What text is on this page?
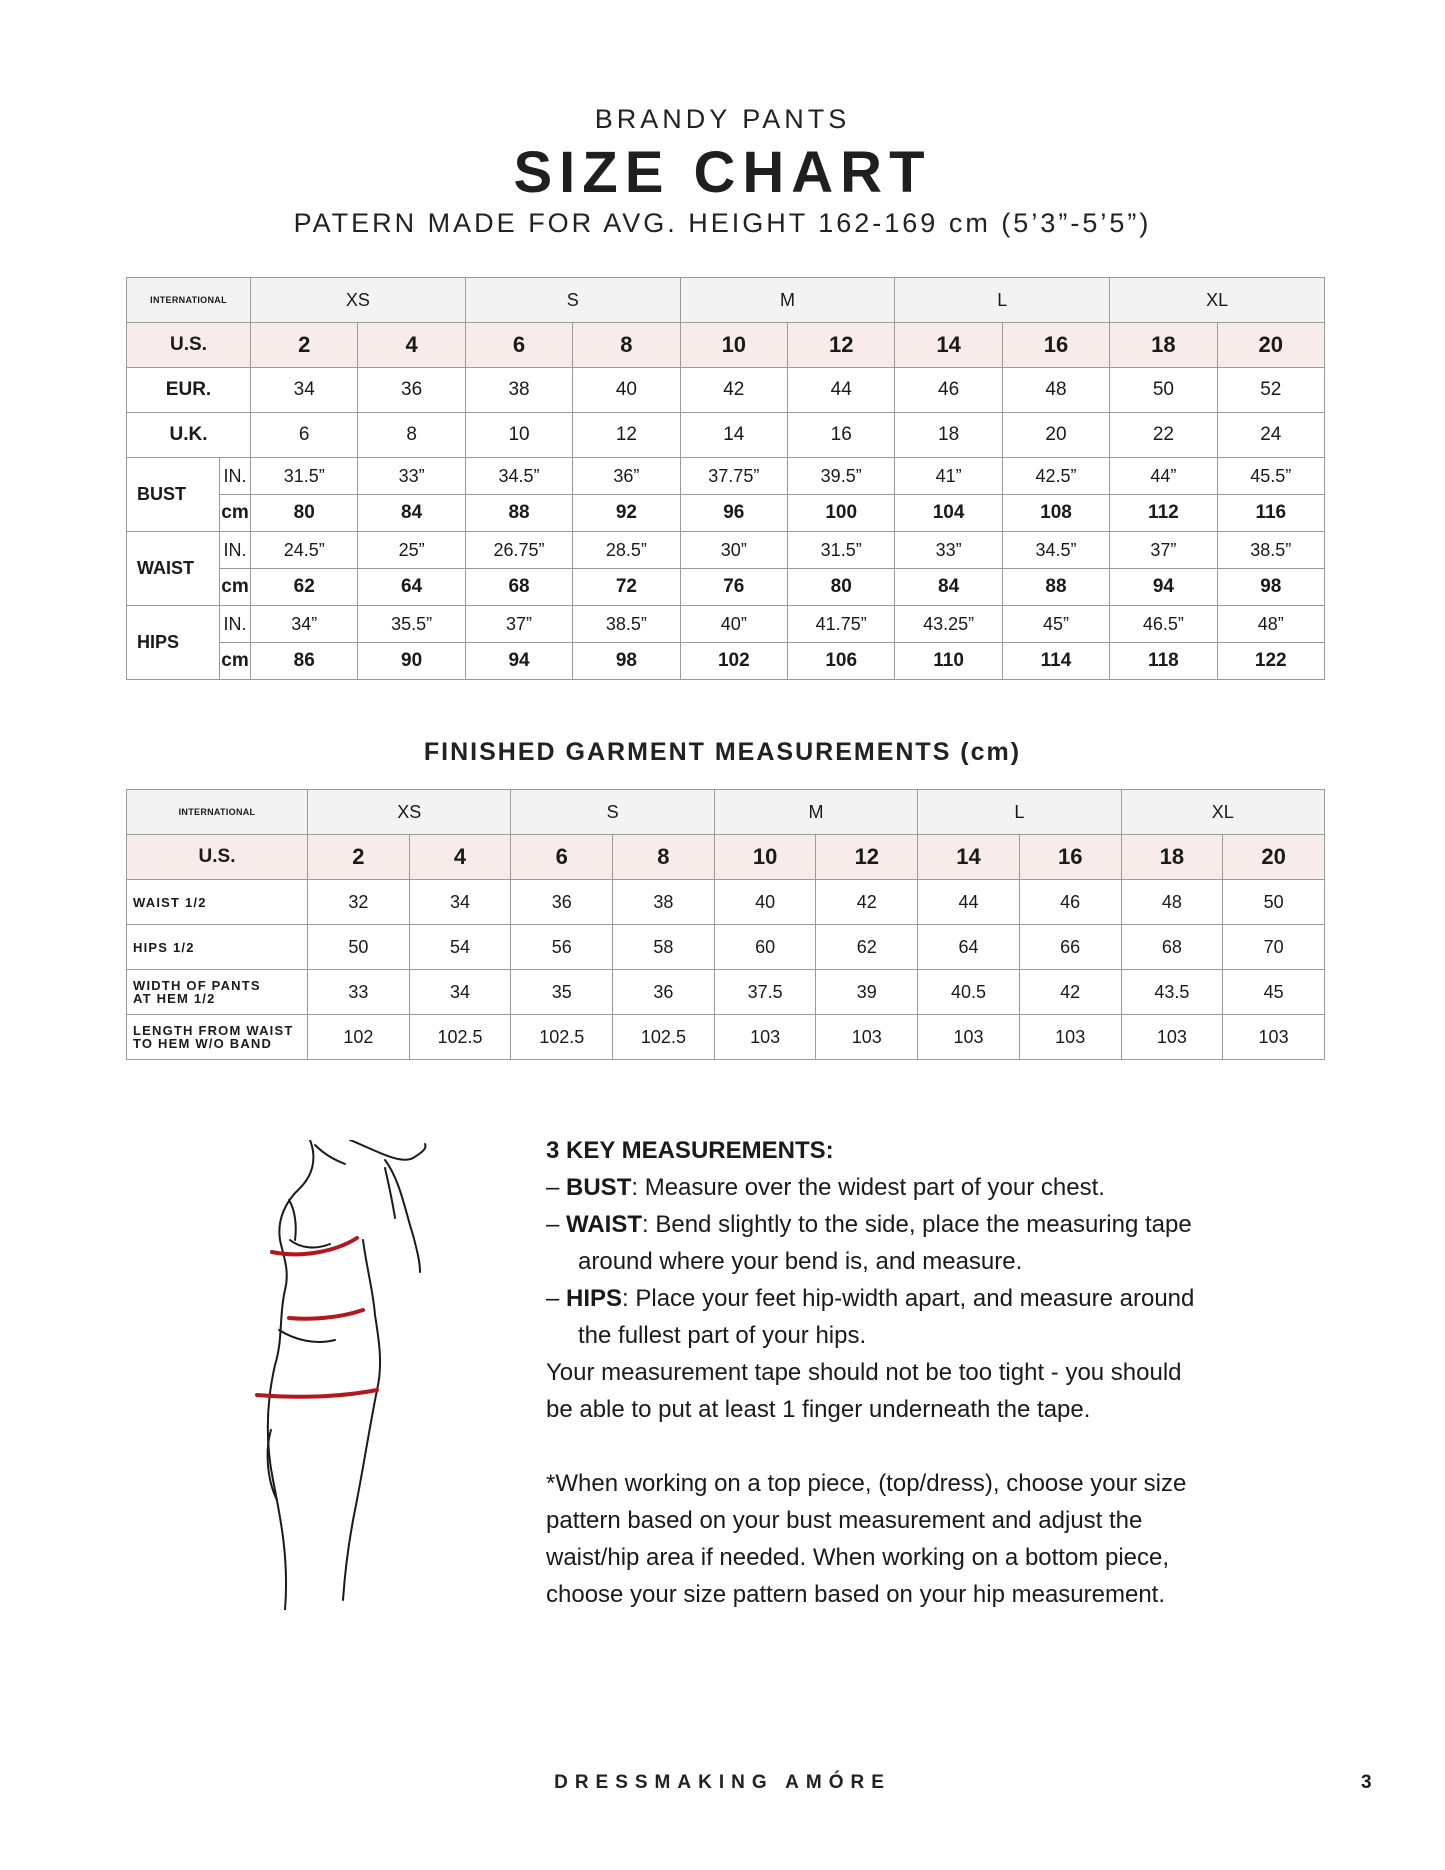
BRANDY PANTS
SIZE CHART
PATERN MADE FOR AVG. HEIGHT 162-169 cm (5’3”-5’5”)
INTERNATIONAL		XS		S		M		L		XL	
U.S.		2	4	6	8	10	12	14	16	18	20
EUR.		34	36	38	40	42	44	46	48	50	52
U.K.		6	8	10	12	14	16	18	20	22	24
BUST	IN.	31.5”	33”	34.5”	36”	37.75”	39.5”	41”	42.5”	44”	45.5”
	cm	80	84	88	92	96	100	104	108	112	116
WAIST	IN.	24.5”	25”	26.75”	28.5”	30”	31.5”	33”	34.5”	37”	38.5”
	cm	62	64	68	72	76	80	84	88	94	98
HIPS	IN.	34”	35.5”	37”	38.5”	40”	41.75”	43.25”	45”	46.5”	48”
	cm	86	90	94	98	102	106	110	114	118	122
FINISHED GARMENT MEASUREMENTS (cm)
INTERNATIONAL	XS		S		M		L		XL	
U.S.	2	4	6	8	10	12	14	16	18	20
WAIST 1/2	32	34	36	38	40	42	44	46	48	50
HIPS 1/2	50	54	56	58	60	62	64	66	68	70

WIDTH OF PANTS
AT HEM 1/2	33	34	35	36	37.5	39	40.5	42	43.5	45

LENGTH FROM WAIST
TO HEM W/O BAND	102	102.5	102.5	102.5	103	103	103	103	103	103
3 KEY MEASUREMENTS:
– BUST: Measure over the widest part of your chest.
– WAIST: Bend slightly to the side, place the measuring tape
around where your bend is, and measure.
– HIPS: Place your feet hip-width apart, and measure around
the fullest part of your hips.
Your measurement tape should not be too tight - you should
be able to put at least 1 finger underneath the tape.
*When working on a top piece, (top/dress), choose your size
pattern based on your bust measurement and adjust the
waist/hip area if needed. When working on a bottom piece,
choose your size pattern based on your hip measurement.
DRESSMAKING AMÓRE	3
